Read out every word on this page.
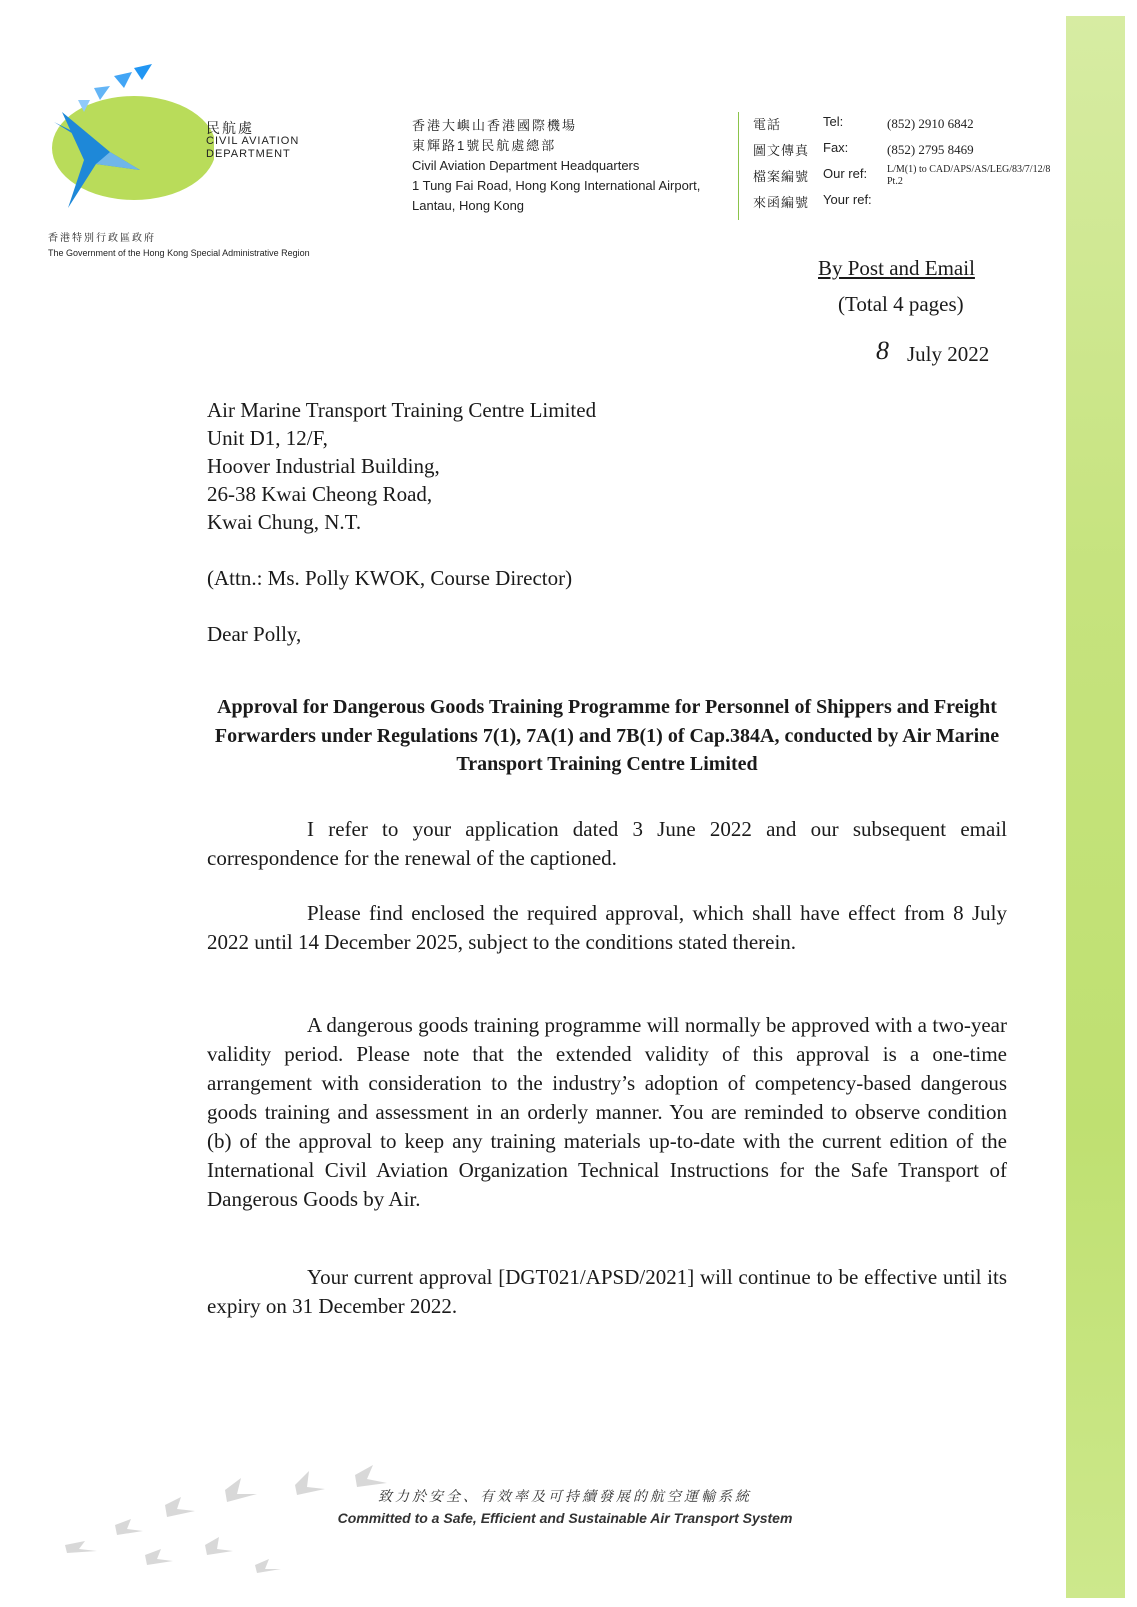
民航處
CIVIL AVIATION
DEPARTMENT
香港特別行政區政府
The Government of the Hong Kong Special Administrative Region
香港大嶼山香港國際機場
東輝路1號民航處總部
Civil Aviation Department Headquarters
1 Tung Fai Road, Hong Kong International Airport,
Lantau, Hong Kong
電話	Tel:	(852) 2910 6842
圖文傳真 Fax:	(852) 2795 8469
檔案編號 Our ref: L/M(1) to CAD/APS/AS/LEG/83/7/12/8
Pt.2
來函編號 Your ref:
By Post and Email
(Total 4 pages)
8 July 2022
Air Marine Transport Training Centre Limited
Unit D1, 12/F,
Hoover Industrial Building,
26-38 Kwai Cheong Road,
Kwai Chung, N.T.
(Attn.: Ms. Polly KWOK, Course Director)
Dear Polly,

Approval for Dangerous Goods Training Programme for Personnel of Shippers and Freight Forwarders under Regulations 7(1), 7A(1) and 7B(1) of Cap.384A, conducted by Air Marine Transport Training Centre Limited

I refer to your application dated 3 June 2022 and our subsequent email correspondence for the renewal of the captioned.

Please find enclosed the required approval, which shall have effect from 8 July 2022 until 14 December 2025, subject to the conditions stated therein.

A dangerous goods training programme will normally be approved with a two-year validity period. Please note that the extended validity of this approval is a one-time arrangement with consideration to the industry’s adoption of competency-based dangerous goods training and assessment in an orderly manner. You are reminded to observe condition (b) of the approval to keep any training materials up-to-date with the current edition of the International Civil Aviation Organization Technical Instructions for the Safe Transport of Dangerous Goods by Air.

Your current approval [DGT021/APSD/2021] will continue to be effective until its expiry on 31 December 2022.

致力於安全、有效率及可持續發展的航空運輸系統
Committed to a Safe, Efficient and Sustainable Air Transport System
